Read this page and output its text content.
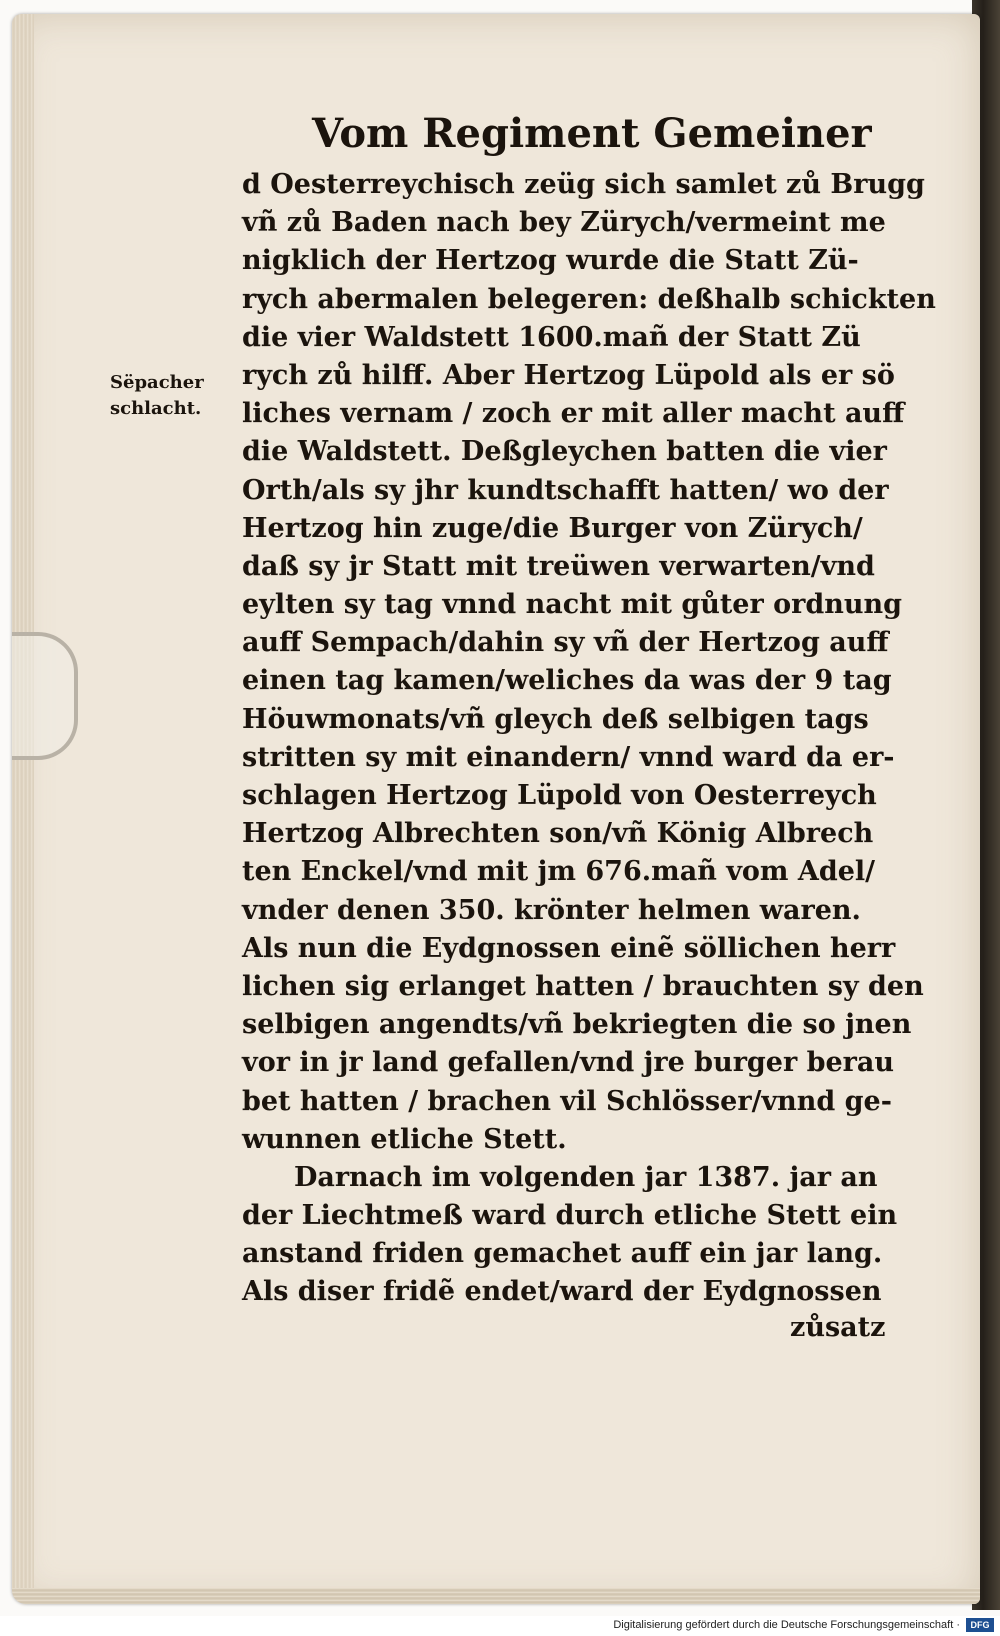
Vom Regiment Gemeiner
Sëpacher
schlacht.
d Oesterreychisch zeüg sich samlet zů Brugg
vñ zů Baden nach bey Zürych/vermeint me
nigklich der Hertzog wurde die Statt Zü-
rych abermalen belegeren: deßhalb schickten
die vier Waldstett 1600.mañ der Statt Zü
rych zů hilff. Aber Hertzog Lüpold als er sö
liches vernam / zoch er mit aller macht auff
die Waldstett. Deßgleychen batten die vier
Orth/als sy jhr kundtschafft hatten/ wo der
Hertzog hin zuge/die Burger von Zürych/
daß sy jr Statt mit treüwen verwarten/vnd
eylten sy tag vnnd nacht mit gůter ordnung
auff Sempach/dahin sy vñ der Hertzog auff
einen tag kamen/weliches da was der 9 tag
Höuwmonats/vñ gleych deß selbigen tags
stritten sy mit einandern/ vnnd ward da er-
schlagen Hertzog Lüpold von Oesterreych
Hertzog Albrechten son/vñ König Albrech
ten Enckel/vnd mit jm 676.mañ vom Adel/
vnder denen 350. krönter helmen waren.
Als nun die Eydgnossen einẽ söllichen herr
lichen sig erlanget hatten / brauchten sy den
selbigen angendts/vñ bekriegten die so jnen
vor in jr land gefallen/vnd jre burger berau
bet hatten / brachen vil Schlösser/vnnd ge-
wunnen etliche Stett.
Darnach im volgenden jar 1387. jar an
der Liechtmeß ward durch etliche Stett ein
anstand friden gemachet auff ein jar lang.
Als diser fridẽ endet/ward der Eydgnossen
zůsatz
Digitalisierung gefördert durch die Deutsche Forschungsgemeinschaft ·	DFG
